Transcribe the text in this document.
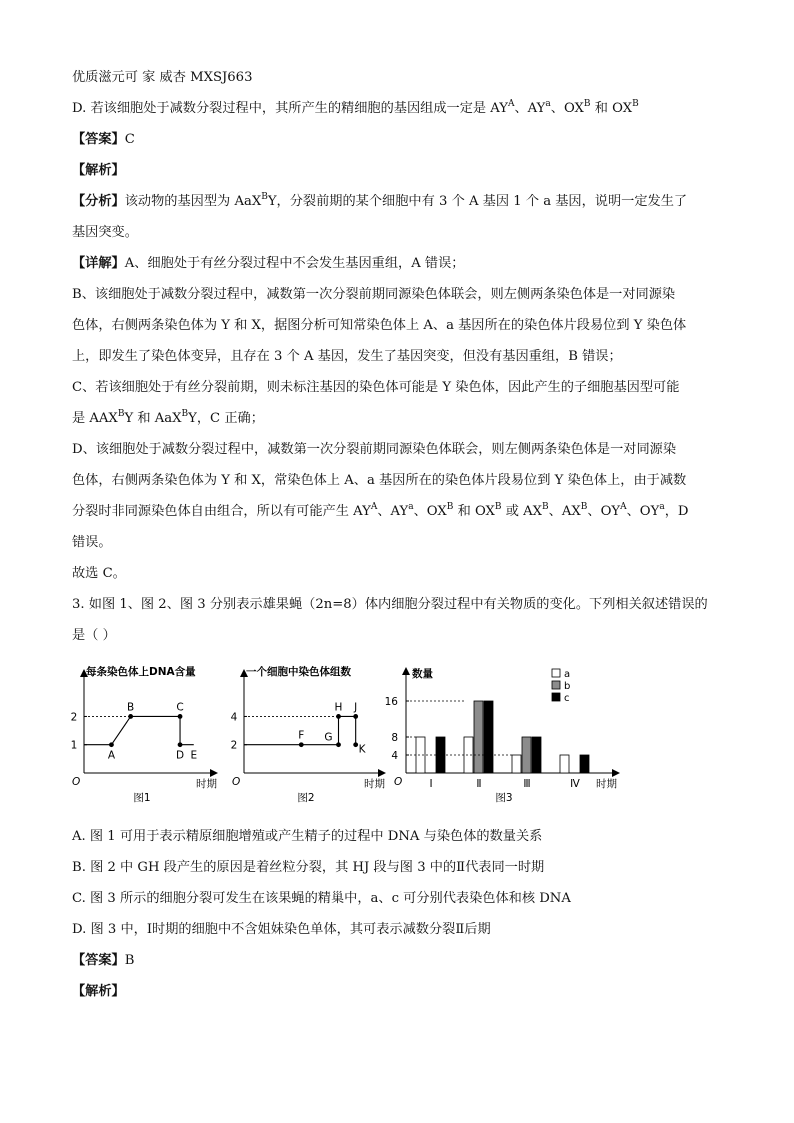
优质滋元可 家 威杏 MXSJ663
D. 若该细胞处于减数分裂过程中，其所产生的精细胞的基因组成一定是 $AY^A$、$AY^a$、$OX^B$ 和 $OX^B$
【答案】C
【解析】
【分析】该动物的基因型为 AaX$^B$Y，分裂前期的某个细胞中有 3 个 A 基因 1 个 a 基因，说明一定发生了
基因突变。
【详解】A、细胞处于有丝分裂过程中不会发生基因重组，A 错误；
B、该细胞处于减数分裂过程中，减数第一次分裂前期同源染色体联会，则左侧两条染色体是一对同源染
色体，右侧两条染色体为 Y 和 X，据图分析可知常染色体上 A、a 基因所在的染色体片段易位到 Y 染色体
上，即发生了染色体变异，且存在 3 个 A 基因，发生了基因突变，但没有基因重组，B 错误；
C、若该细胞处于有丝分裂前期，则未标注基因的染色体可能是 Y 染色体，因此产生的子细胞基因型可能
是 $AAX^BY$ 和 AaX$^B$Y，C 正确；
D、该细胞处于减数分裂过程中，减数第一次分裂前期同源染色体联会，则左侧两条染色体是一对同源染
色体，右侧两条染色体为 Y 和 X，常染色体上 A、a 基因所在的染色体片段易位到 Y 染色体上，由于减数
分裂时非同源染色体自由组合，所以有可能产生 $AY^A$、$AY^a$、$OX^B$ 和 $OX^B$ 或 $AX^B$、$AX^B$、$OY^A$、$OY^a$，D
错误。
故选 C。
3. 如图 1、图 2、图 3 分别表示雄果蝇（2n=8）体内细胞分裂过程中有关物质的变化。下列相关叙述错误的
是（ ）
每条染色体上DNA含量
时期
O
1
2
A
B	C
D E
图1
一个细胞中染色体组数
时期
O
2
4
F G
H J
K
图2
数量
时期
O
4
8
16
Ⅰ	Ⅱ	Ⅲ	Ⅳ
a
b
c
图3
A. 图 1 可用于表示精原细胞增殖或产生精子的过程中 DNA 与染色体的数量关系
B. 图 2 中 GH 段产生的原因是着丝粒分裂，其 HJ 段与图 3 中的Ⅱ代表同一时期
C. 图 3 所示的细胞分裂可发生在该果蝇的精巢中，a、c 可分别代表染色体和核 DNA
D. 图 3 中，Ⅰ时期的细胞中不含姐妹染色单体，其可表示减数分裂Ⅱ后期
【答案】B
【解析】
